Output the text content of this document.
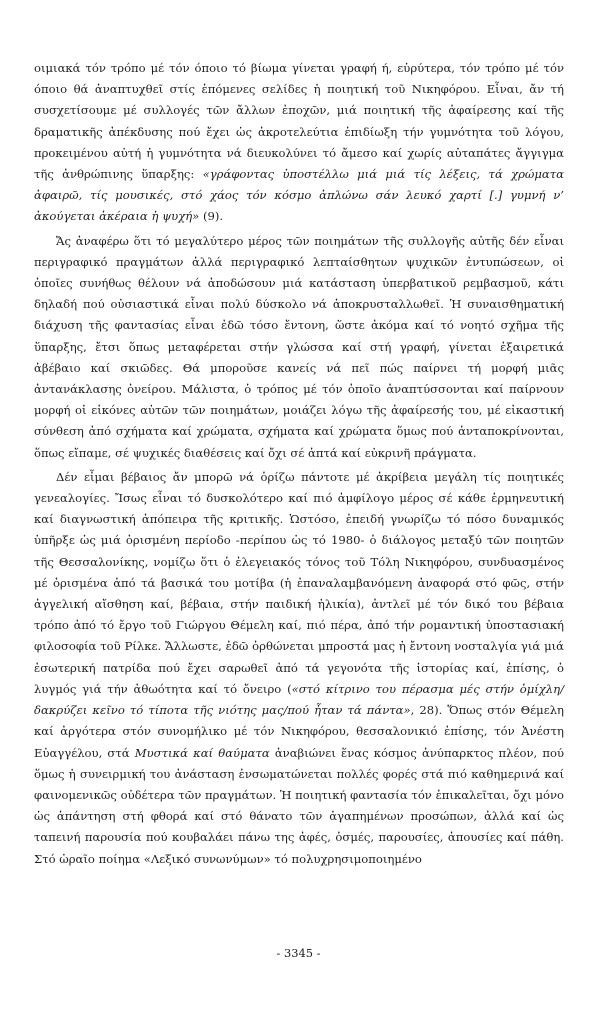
οιμιακά τόν τρόπο μέ τόν όποιο τό βίωμα γίνεται γραφή ή, εὐρύτερα, τόν τρόπο μέ τόν όποιο θά ἀναπτυχθεῖ στίς ἑπόμενες σελίδες ἡ ποιητική τοῦ Νικηφόρου. Εἶναι, ἄν τή συσχετίσουμε μέ συλλογές τῶν ἄλλων ἐποχῶν, μιά ποιητική τῆς ἀφαίρεσης καί τῆς δραματικῆς ἀπέκδυσης πού ἔχει ὡς ἀκροτελεύτια ἐπιδίωξη τήν γυμνότητα τοῦ λόγου, προκειμένου αὐτή ἡ γυμνότητα νά διευκολύνει τό ἄμεσο καί χωρίς αὐταπάτες ἄγγιγμα τῆς ἀνθρώπινης ὕπαρξης: «γράφοντας ὑποστέλλω μιά μιά τίς λέξεις, τά χρώματα ἀφαιρῶ, τίς μουσικές, στό χάος τόν κόσμο ἁπλώνω σάν λευκό χαρτί [.] γυμνή ν’ ἀκούγεται ἀκέραια ἡ ψυχή» (9).

Ἄς ἀναφέρω ὅτι τό μεγαλύτερο μέρος τῶν ποιημάτων τῆς συλλογῆς αὐτῆς δέν εἶναι περιγραφικό πραγμάτων ἀλλά περιγραφικό λεπταίσθητων ψυχικῶν ἐντυπώσεων, οἱ ὁποῖες συνήθως θέλουν νά ἀποδώσουν μιά κατάσταση ὑπερβατικοῦ ρεμβασμοῦ, κάτι δηλαδή πού οὐσιαστικά εἶναι πολύ δύσκολο νά ἀποκρυσταλλωθεῖ. Ἡ συναισθηματική διάχυση τῆς φαντασίας εἶναι ἐδῶ τόσο ἔντονη, ὥστε ἀκόμα καί τό νοητό σχῆμα τῆς ὕπαρξης, ἔτσι ὅπως μεταφέρεται στήν γλώσσα καί στή γραφή, γίνεται ἐξαιρετικά ἀβέβαιο καί σκιῶδες. Θά μποροῦσε κανείς νά πεῖ πώς παίρνει τή μορφή μιᾶς ἀντανάκλασης ὀνείρου. Μάλιστα, ὁ τρόπος μέ τόν ὁποῖο ἀναπτύσσονται καί παίρνουν μορφή οἱ εἰκόνες αὐτῶν τῶν ποιημάτων, μοιάζει λόγω τῆς ἀφαίρεσής του, μέ εἰκαστική σύνθεση ἀπό σχήματα καί χρώματα, σχήματα καί χρώματα ὅμως πού ἀνταποκρίνονται, ὅπως εἴπαμε, σέ ψυχικές διαθέσεις καί ὄχι σέ ἁπτά καί εὐκρινῆ πράγματα.

Δέν εἶμαι βέβαιος ἄν μπορῶ νά ὁρίζω πάντοτε μέ ἀκρίβεια μεγάλη τίς ποιητικές γενεαλογίες. Ἴσως εἶναι τό δυσκολότερο καί πιό ἀμφίλογο μέρος σέ κάθε ἑρμηνευτική καί διαγνωστική ἀπόπειρα τῆς κριτικῆς. Ὡστόσο, ἐπειδή γνωρίζω τό πόσο δυναμικός ὑπῆρξε ὡς μιά ὁρισμένη περίοδο -περίπου ὡς τό 1980- ὁ διάλογος μεταξύ τῶν ποιητῶν τῆς Θεσσαλονίκης, νομίζω ὅτι ὁ ἐλεγειακός τόνος τοῦ Τόλη Νικηφόρου, συνδυασμένος μέ ὁρισμένα ἀπό τά βασικά του μοτίβα (ἡ ἐπαναλαμβανόμενη ἀναφορά στό φῶς, στήν ἀγγελική αἴσθηση καί, βέβαια, στήν παιδική ἡλικία), ἀντλεῖ μέ τόν δικό του βέβαια τρόπο ἀπό τό ἔργο τοῦ Γιώργου Θέμελη καί, πιό πέρα, ἀπό τήν ρομαντική ὑποστασιακή φιλοσοφία τοῦ Ρίλκε. Ἄλλωστε, ἐδῶ ὀρθώνεται μπροστά μας ἡ ἔντονη νοσταλγία γιά μιά ἐσωτερική πατρίδα πού ἔχει σαρωθεῖ ἀπό τά γεγονότα τῆς ἱστορίας καί, ἐπίσης, ὁ λυγμός γιά τήν ἀθωότητα καί τό ὄνειρο («στό κίτρινο του πέρασμα μές στήν ὁμίχλη/δακρύζει κεῖνο τό τίποτα τῆς νιότης μας/πού ἦταν τά πάντα», 28). Ὅπως στόν Θέμελη καί ἀργότερα στόν συνομήλικο μέ τόν Νικηφόρου, θεσσαλονικιό ἐπίσης, τόν Ἀνέστη Εὐαγγέλου, στά Μυστικά καί θαύματα ἀναβιώνει ἕνας κόσμος ἀνύπαρκτος πλέον, πού ὅμως ἡ συνειρμική του ἀνάσταση ἐνσωματώνεται πολλές φορές στά πιό καθημερινά καί φαινομενικῶς οὐδέτερα τῶν πραγμάτων. Ἡ ποιητική φαντασία τόν ἐπικαλεῖται, ὄχι μόνο ὡς ἀπάντηση στή φθορά καί στό θάνατο τῶν ἀγαπημένων προσώπων, ἀλλά καί ὡς ταπεινή παρουσία πού κουβαλάει πάνω της ἀφές, ὀσμές, παρουσίες, ἀπουσίες καί πάθη. Στό ὡραῖο ποίημα «Λεξικό συνωνύμων» τό πολυχρησιμοποιημένο

- 3345 -
